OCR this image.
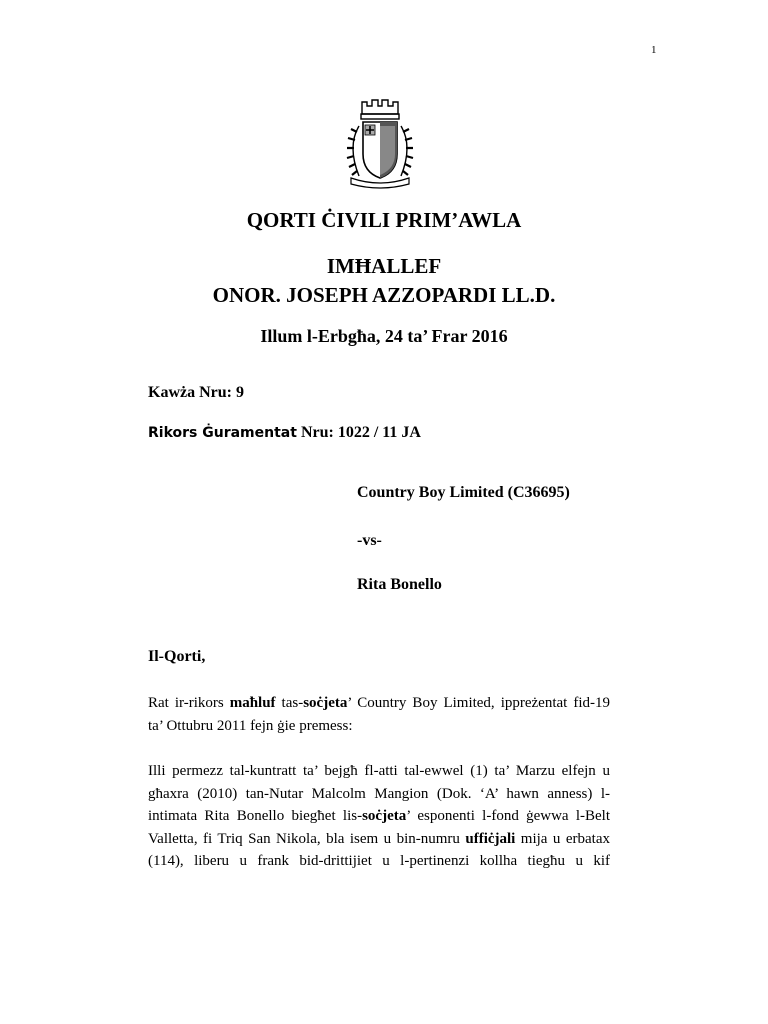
1
QORTI ĊIVILI PRIM’AWLA
IMĦALLEF
ONOR. JOSEPH AZZOPARDI LL.D.
Illum l-Erbgħa, 24 ta’ Frar 2016
Kawża Nru: 9
Rikors Ġuramentat Nru: 1022 / 11 JA
Country Boy Limited (C36695)
-vs-
Rita Bonello
Il-Qorti,
Rat ir-rikors maħluf tas-soċjeta’ Country Boy Limited, ippreżentat fid-19 ta’ Ottubru 2011 fejn ġie premess:
Illi permezz tal-kuntratt ta’ bejgħ fl-atti tal-ewwel (1) ta’ Marzu elfejn u għaxra (2010) tan-Nutar Malcolm Mangion (Dok. ‘A’ hawn anness) l-intimata Rita Bonello biegħet lis-soċjeta’ esponenti l-fond ġewwa l-Belt Valletta, fi Triq San Nikola, bla isem u bin-numru uffiċjali mija u erbatax (114), liberu u frank bid-drittijiet u l-pertinenzi kollha tiegħu u kif
